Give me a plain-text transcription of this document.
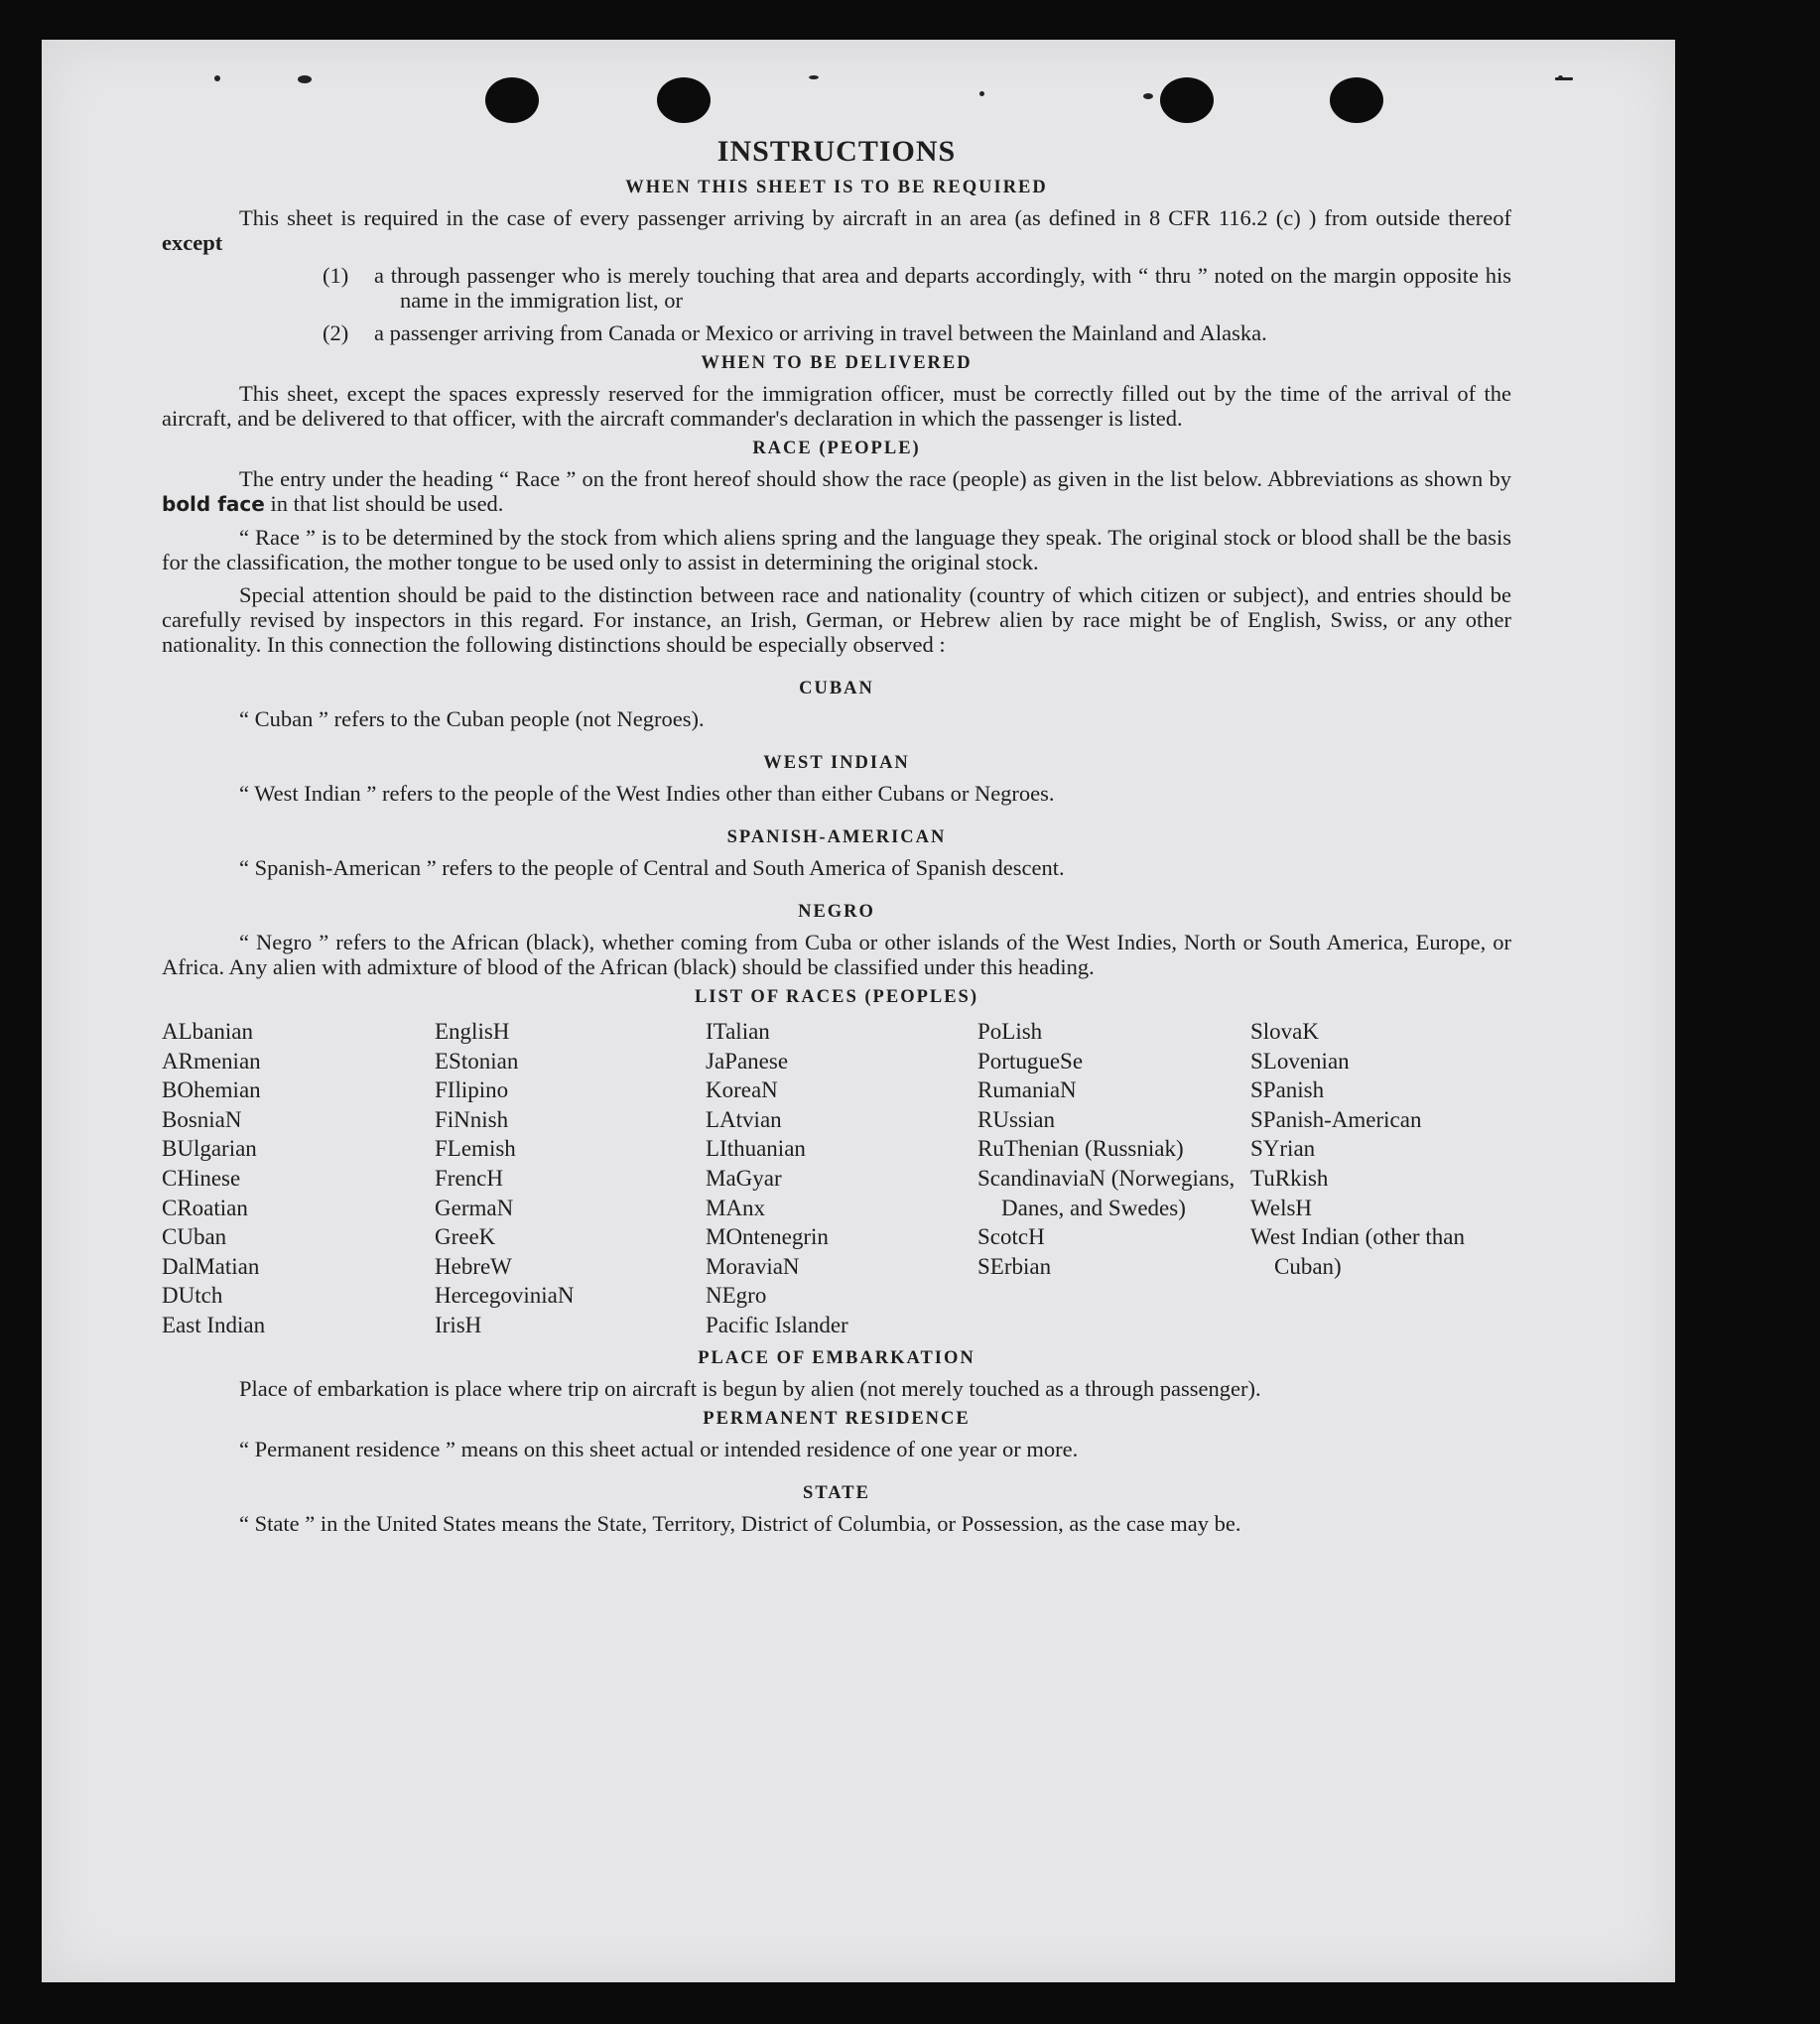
INSTRUCTIONS
WHEN THIS SHEET IS TO BE REQUIRED

This sheet is required in the case of every passenger arriving by aircraft in an area (as defined in 8 CFR 116.2 (c) ) from outside thereof except

(1) a through passenger who is merely touching that area and departs accordingly, with “ thru ” noted on the margin opposite his name in the immigration list, or

(2) a passenger arriving from Canada or Mexico or arriving in travel between the Mainland and Alaska.

WHEN TO BE DELIVERED

This sheet, except the spaces expressly reserved for the immigration officer, must be correctly filled out by the time of the arrival of the aircraft, and be delivered to that officer, with the aircraft commander's declaration in which the passenger is listed.

RACE (PEOPLE)

The entry under the heading “ Race ” on the front hereof should show the race (people) as given in the list below. Abbreviations as shown by bold face in that list should be used.

“ Race ” is to be determined by the stock from which aliens spring and the language they speak. The original stock or blood shall be the basis for the classification, the mother tongue to be used only to assist in determining the original stock.

Special attention should be paid to the distinction between race and nationality (country of which citizen or subject), and entries should be carefully revised by inspectors in this regard. For instance, an Irish, German, or Hebrew alien by race might be of English, Swiss, or any other nationality. In this connection the following distinctions should be especially observed :

CUBAN

“ Cuban ” refers to the Cuban people (not Negroes).

WEST INDIAN

“ West Indian ” refers to the people of the West Indies other than either Cubans or Negroes.

SPANISH-AMERICAN

“ Spanish-American ” refers to the people of Central and South America of Spanish descent.

NEGRO

“ Negro ” refers to the African (black), whether coming from Cuba or other islands of the West Indies, North or South America, Europe, or Africa. Any alien with admixture of blood of the African (black) should be classified under this heading.

LIST OF RACES (PEOPLES)
ALbanian
ARmenian
BOhemian
BosniaN
BUlgarian
CHinese
CRoatian
CUban
DalMatian
DUtch
East Indian
EnglisH
EStonian
FIlipino
FiNnish
FLemish
FrencH
GermaN
GreeK
HebreW
HercegoviniaN
IrisH
ITalian
JaPanese
KoreaN
LAtvian
LIthuanian
MaGyar
MAnx
MOntenegrin
MoraviaN
NEgro
Pacific Islander
PoLish
PortugueSe
RumaniaN
RUssian
RuThenian (Russniak)
ScandinaviaN (Norwegians, Danes, and Swedes)
ScotcH
SErbian
SlovaK
SLovenian
SPanish
SPanish-American
SYrian
TuRkish
WelsH
West Indian (other than Cuban)
PLACE OF EMBARKATION

Place of embarkation is place where trip on aircraft is begun by alien (not merely touched as a through passenger).

PERMANENT RESIDENCE

“ Permanent residence ” means on this sheet actual or intended residence of one year or more.

STATE

“ State ” in the United States means the State, Territory, District of Columbia, or Possession, as the case may be.
